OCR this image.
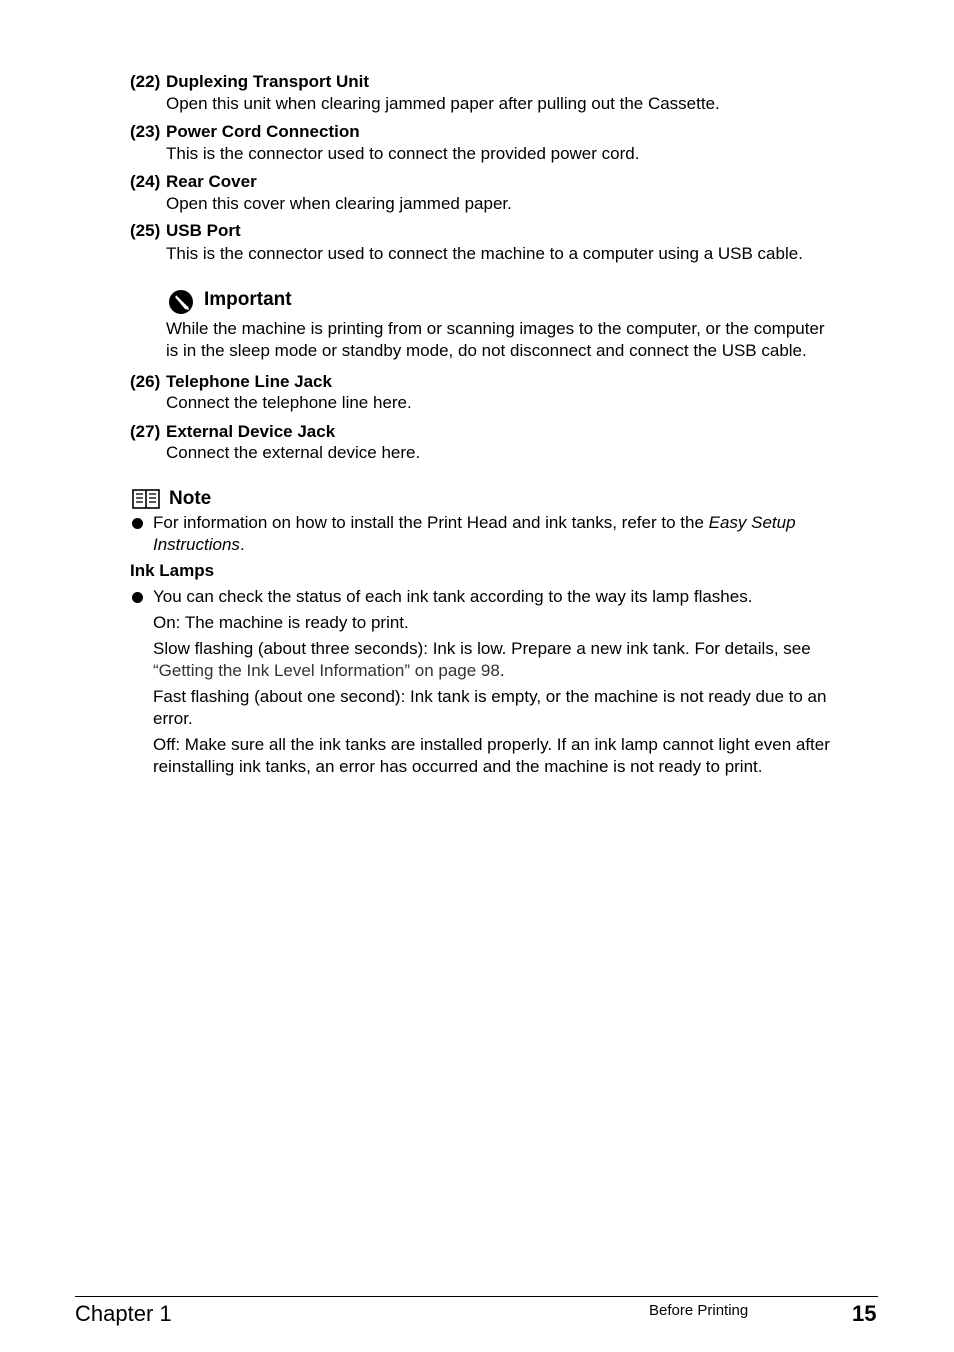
(22) Duplexing Transport Unit
Open this unit when clearing jammed paper after pulling out the Cassette.
(23) Power Cord Connection
This is the connector used to connect the provided power cord.
(24) Rear Cover
Open this cover when clearing jammed paper.
(25) USB Port
This is the connector used to connect the machine to a computer using a USB cable.
Important
While the machine is printing from or scanning images to the computer, or the computer
is in the sleep mode or standby mode, do not disconnect and connect the USB cable.
(26) Telephone Line Jack
Connect the telephone line here.
(27) External Device Jack
Connect the external device here.
Note
For information on how to install the Print Head and ink tanks, refer to the Easy Setup
Instructions.
Ink Lamps
You can check the status of each ink tank according to the way its lamp flashes.
On: The machine is ready to print.
Slow flashing (about three seconds): Ink is low. Prepare a new ink tank. For details, see
“Getting the Ink Level Information” on page 98.
Fast flashing (about one second): Ink tank is empty, or the machine is not ready due to an
error.
Off: Make sure all the ink tanks are installed properly. If an ink lamp cannot light even after
reinstalling ink tanks, an error has occurred and the machine is not ready to print.
Chapter 1	Before Printing	15
